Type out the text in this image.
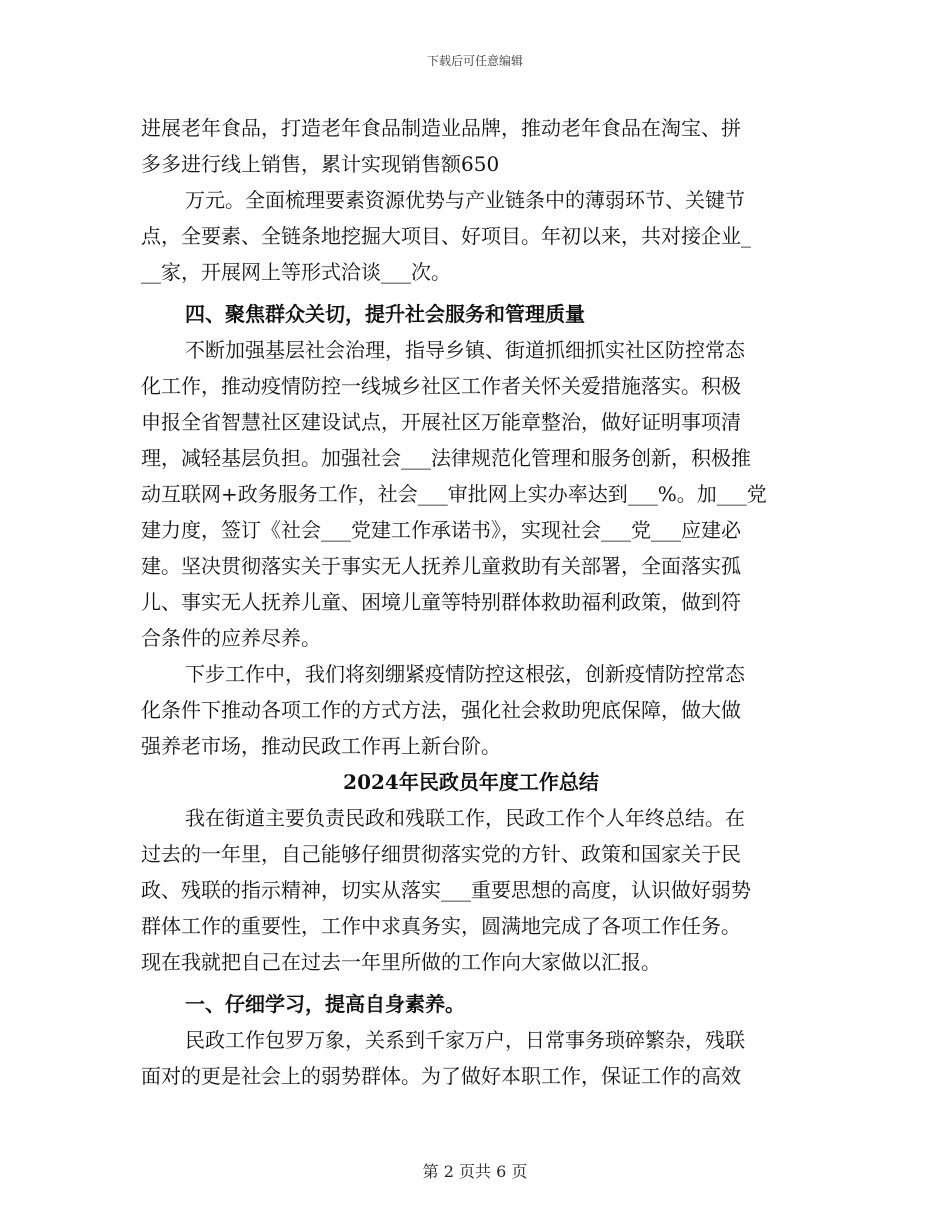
下载后可任意编辑
进展老年食品，打造老年食品制造业品牌，推动老年食品在淘宝、拼
多多进行线上销售，累计实现销售额650
万元。全面梳理要素资源优势与产业链条中的薄弱环节、关键节
点，全要素、全链条地挖掘大项目、好项目。年初以来，共对接企业_
__家，开展网上等形式洽谈___次。
四、聚焦群众关切，提升社会服务和管理质量
不断加强基层社会治理，指导乡镇、街道抓细抓实社区防控常态
化工作，推动疫情防控一线城乡社区工作者关怀关爱措施落实。积极
申报全省智慧社区建设试点，开展社区万能章整治，做好证明事项清
理，减轻基层负担。加强社会___法律规范化管理和服务创新，积极推
动互联网+政务服务工作，社会___审批网上实办率达到___%。加___党
建力度，签订《社会___党建工作承诺书》，实现社会___党___应建必
建。坚决贯彻落实关于事实无人抚养儿童救助有关部署，全面落实孤
儿、事实无人抚养儿童、困境儿童等特别群体救助福利政策，做到符
合条件的应养尽养。
下步工作中，我们将刻绷紧疫情防控这根弦，创新疫情防控常态
化条件下推动各项工作的方式方法，强化社会救助兜底保障，做大做
强养老市场，推动民政工作再上新台阶。
2024年民政员年度工作总结
我在街道主要负责民政和残联工作，民政工作个人年终总结。在
过去的一年里，自己能够仔细贯彻落实党的方针、政策和国家关于民
政、残联的指示精神，切实从落实___重要思想的高度，认识做好弱势
群体工作的重要性，工作中求真务实，圆满地完成了各项工作任务。
现在我就把自己在过去一年里所做的工作向大家做以汇报。
一、仔细学习，提高自身素养。
民政工作包罗万象，关系到千家万户，日常事务琐碎繁杂，残联
面对的更是社会上的弱势群体。为了做好本职工作，保证工作的高效
第 2 页共 6 页
